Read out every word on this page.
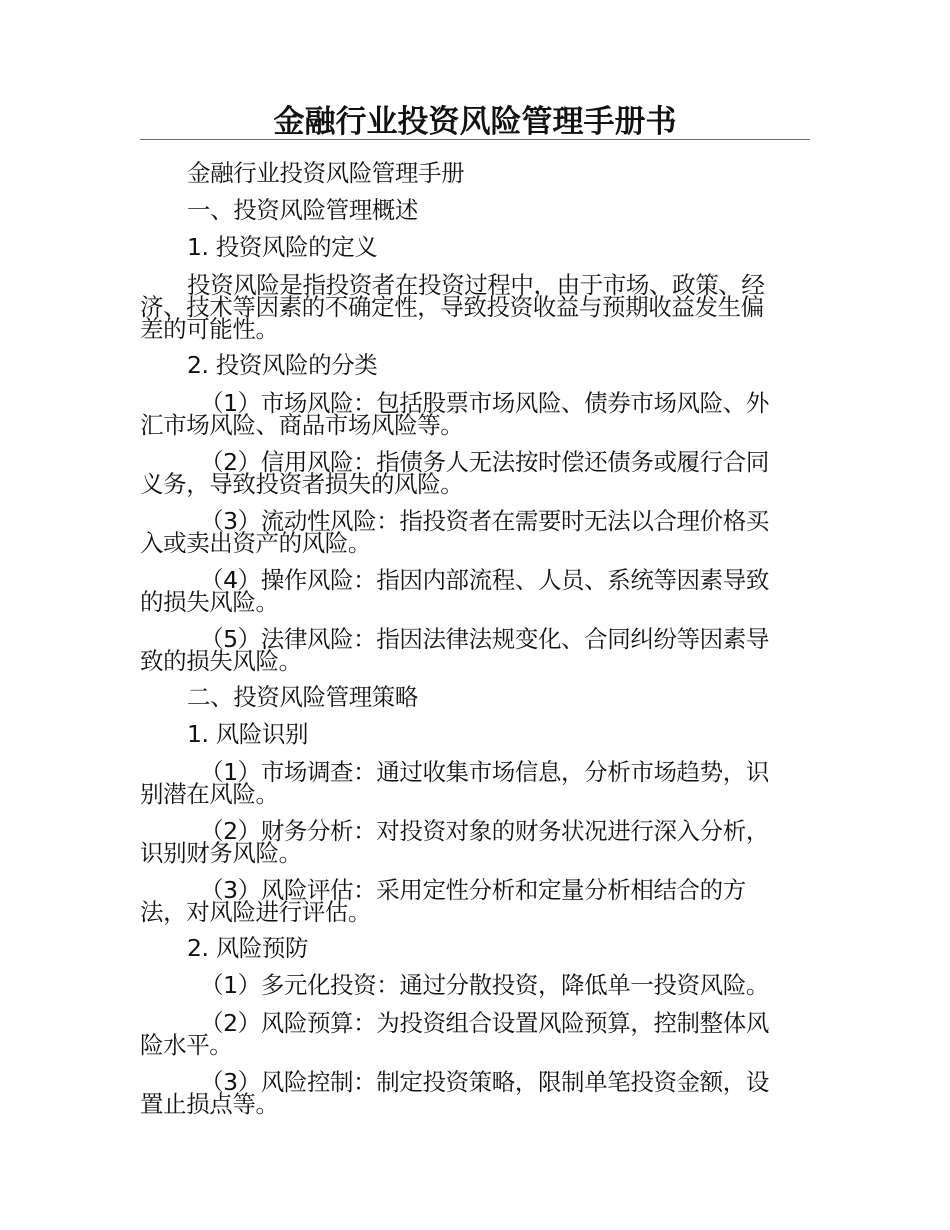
金融行业投资风险管理手册书

金融行业投资风险管理手册

一、投资风险管理概述

1. 投资风险的定义

投资风险是指投资者在投资过程中，由于市场、政策、经
济、技术等因素的不确定性，导致投资收益与预期收益发生偏
差的可能性。

2. 投资风险的分类

（1）市场风险：包括股票市场风险、债券市场风险、外
汇市场风险、商品市场风险等。
（2）信用风险：指债务人无法按时偿还债务或履行合同
义务，导致投资者损失的风险。
（3）流动性风险：指投资者在需要时无法以合理价格买
入或卖出资产的风险。
（4）操作风险：指因内部流程、人员、系统等因素导致
的损失风险。
（5）法律风险：指因法律法规变化、合同纠纷等因素导
致的损失风险。

二、投资风险管理策略

1. 风险识别

（1）市场调查：通过收集市场信息，分析市场趋势，识
别潜在风险。
（2）财务分析：对投资对象的财务状况进行深入分析，
识别财务风险。
（3）风险评估：采用定性分析和定量分析相结合的方
法，对风险进行评估。

2. 风险预防

（1）多元化投资：通过分散投资，降低单一投资风险。

（2）风险预算：为投资组合设置风险预算，控制整体风
险水平。
（3）风险控制：制定投资策略，限制单笔投资金额，设
置止损点等。
